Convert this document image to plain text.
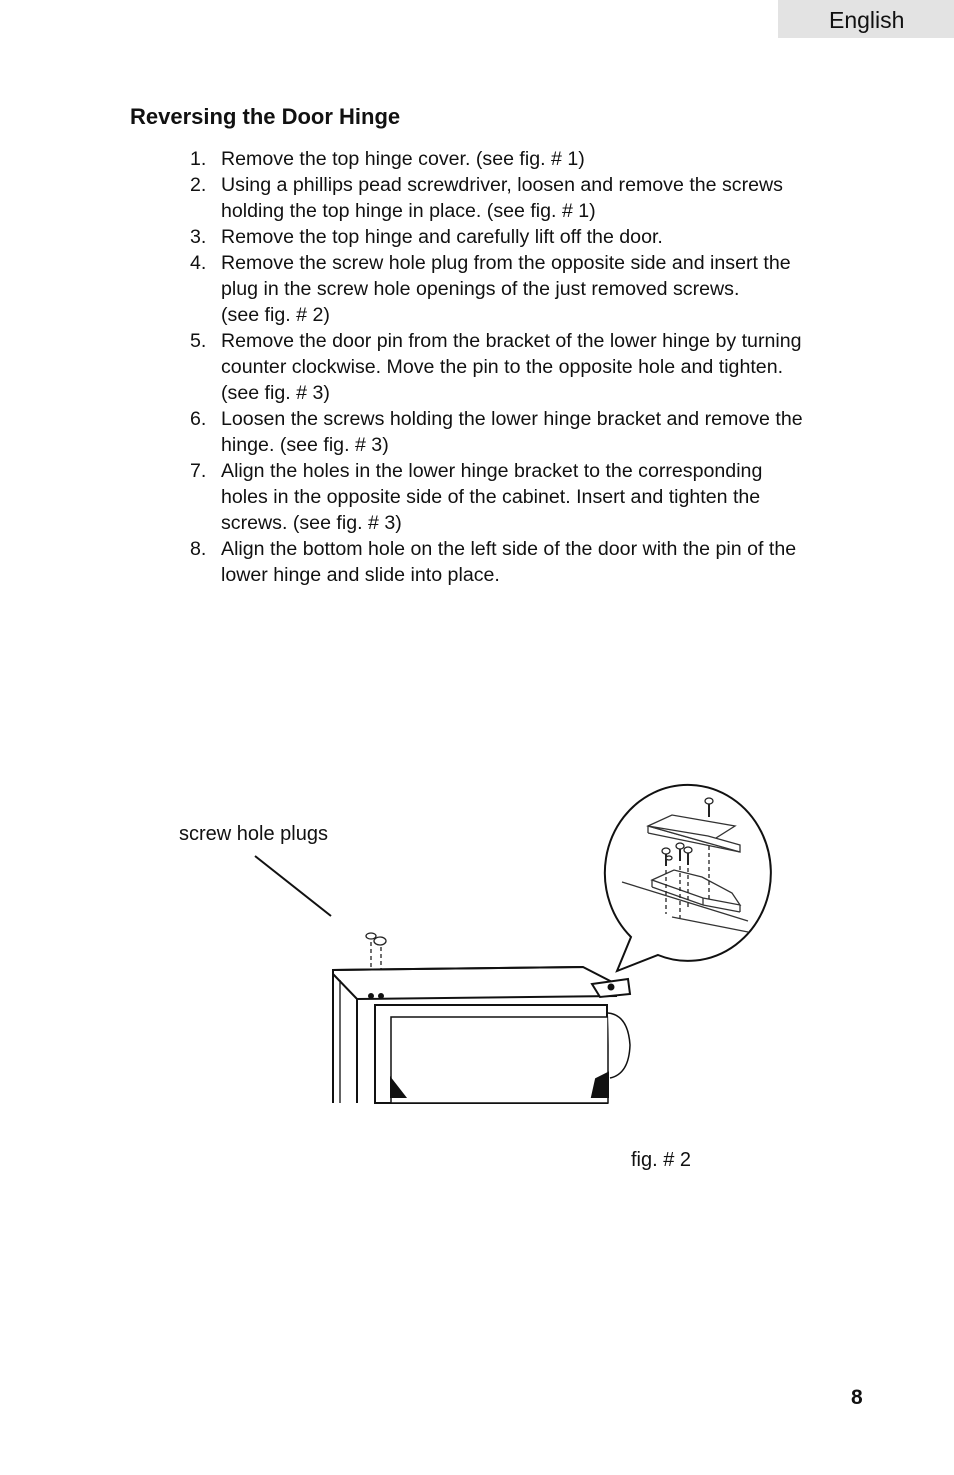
English
Reversing the Door Hinge
1. Remove the top hinge cover. (see fig. # 1)
2. Using a phillips pead screwdriver, loosen and remove the screws
holding the top hinge in place. (see fig. # 1)
3. Remove the top hinge and carefully lift off the door.
4. Remove the screw hole plug from the opposite side and insert the
plug in the screw hole openings of the just removed screws.
(see fig. # 2)
5. Remove the door pin from the bracket of the lower hinge by turning
counter clockwise. Move the pin to the opposite hole and tighten.
(see fig. # 3)
6. Loosen the screws holding the lower hinge bracket and remove the
hinge. (see fig. # 3)
7. Align the holes in the lower hinge bracket to the corresponding
holes in the opposite side of the cabinet. Insert and tighten the
screws. (see fig. # 3)
8. Align the bottom hole on the left side of the door with the pin of the
lower hinge and slide into place.
screw hole plugs
fig. # 2
8
